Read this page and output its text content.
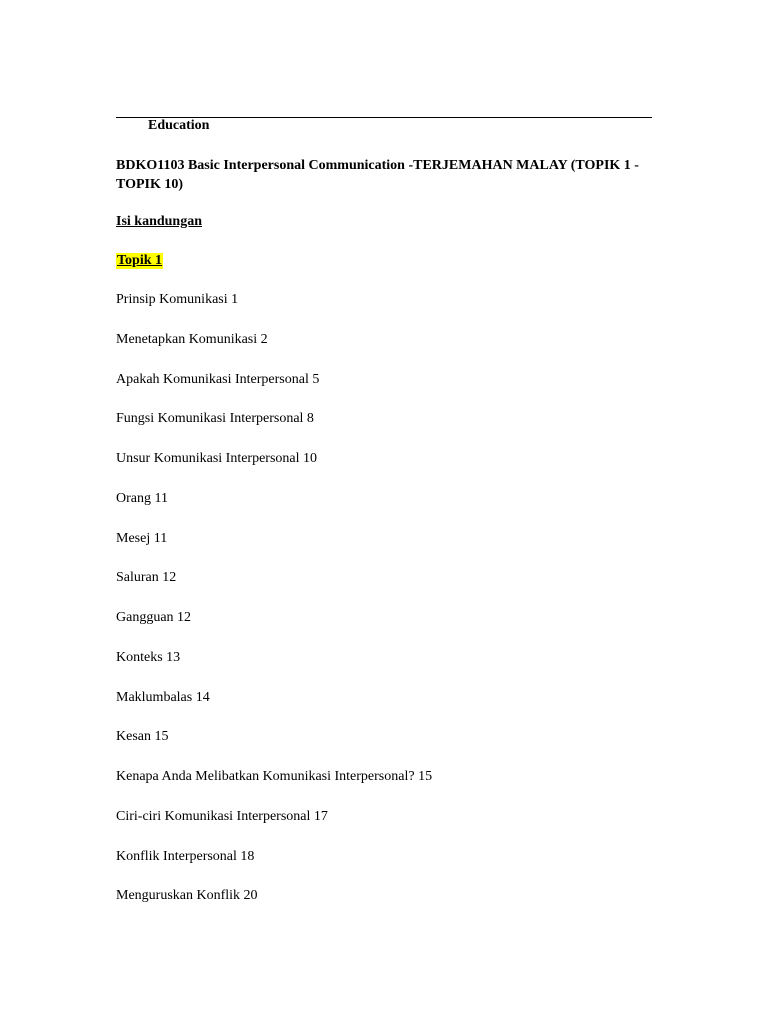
Education
BDKO1103 Basic Interpersonal Communication -TERJEMAHAN MALAY (TOPIK 1 - TOPIK 10)
Isi kandungan
Topik 1
Prinsip Komunikasi 1
Menetapkan Komunikasi 2
Apakah Komunikasi Interpersonal 5
Fungsi Komunikasi Interpersonal 8
Unsur Komunikasi Interpersonal 10
Orang 11
Mesej 11
Saluran 12
Gangguan 12
Konteks 13
Maklumbalas 14
Kesan 15
Kenapa Anda Melibatkan Komunikasi Interpersonal? 15
Ciri-ciri Komunikasi Interpersonal 17
Konflik Interpersonal 18
Menguruskan Konflik 20
